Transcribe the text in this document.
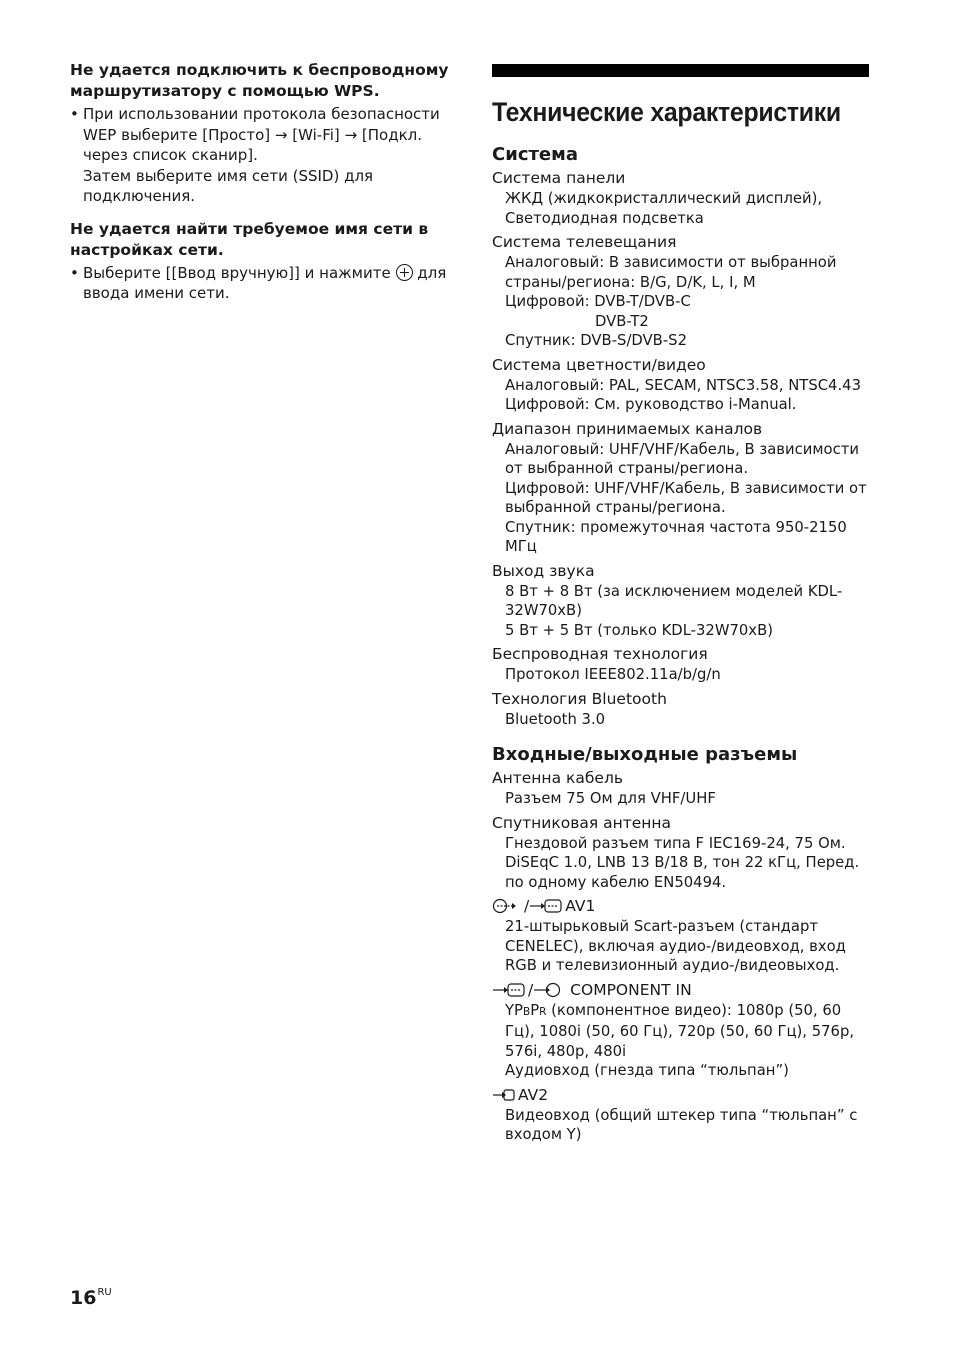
Не удается подключить к беспроводному маршрутизатору с помощью WPS.

• При использовании протокола безопасности WEP выберите [Просто] → [Wi-Fi] → [Подкл. через список сканир].

Затем выберите имя сети (SSID) для подключения.

Не удается найти требуемое имя сети в настройках сети.

• Выберите [[Ввод вручную]] и нажмите для ввода имени сети.

Технические характеристики
Система
Система панели

ЖКД (жидкокристаллический дисплей),

Светодиодная подсветка

Система телевещания

Аналоговый: В зависимости от выбранной страны/региона: B/G, D/K, L, I, M

Цифровой: DVB-T/DVB-C

DVB-T2

Спутник: DVB-S/DVB-S2

Система цветности/видео

Аналоговый: PAL, SECAM, NTSC3.58, NTSC4.43

Цифровой: См. руководство i-Manual.

Диапазон принимаемых каналов

Аналоговый: UHF/VHF/Кабель, В зависимости от выбранной страны/региона.

Цифровой: UHF/VHF/Кабель, В зависимости от выбранной страны/региона.

Спутник: промежуточная частота 950-2150 МГц

Выход звука

8 Вт + 8 Вт (за исключением моделей KDL-32W70xB)

5 Вт + 5 Вт (только KDL-32W70xB)

Беспроводная технология

Протокол IEEE802.11a/b/g/n

Технология Bluetooth

Bluetooth 3.0

Входные/выходные разъемы
Антенна кабель

Разъем 75 Ом для VHF/UHF

Спутниковая антенна

Гнездовой разъем типа F IEC169-24, 75 Ом. DiSEqC 1.0, LNB 13 В/18 В, тон 22 кГц, Перед. по одному кабелю EN50494.

/ AV1

21-штырьковый Scart-разъем (стандарт CENELEC), включая аудио-/видеовход, вход RGB и телевизионный аудио-/видеовыход.

/ COMPONENT IN

YPBPR (компонентное видео): 1080p (50, 60 Гц), 1080i (50, 60 Гц), 720p (50, 60 Гц), 576p, 576i, 480p, 480i

Аудиовход (гнезда типа “тюльпан”)

AV2

Видеовход (общий штекер типа “тюльпан” с входом Y)

$16^{RU}$
